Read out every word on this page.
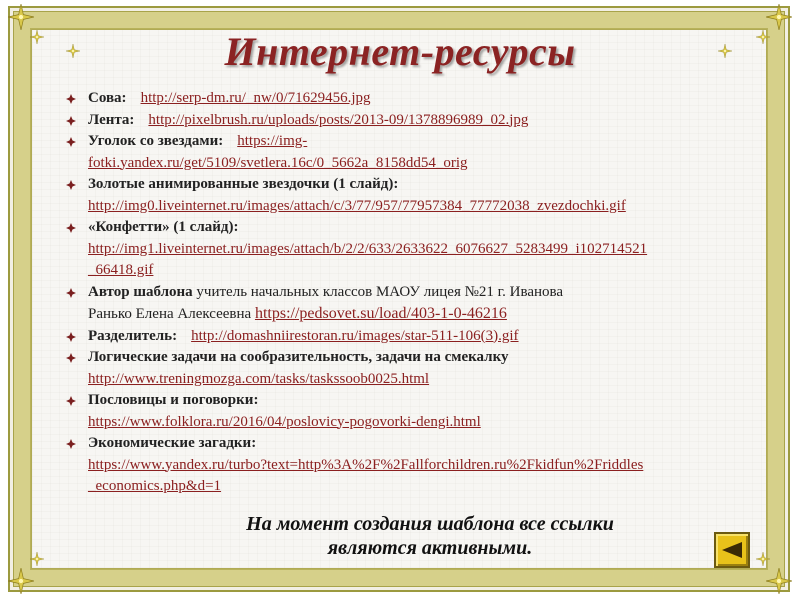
Интернет-ресурсы
Сова: http://serp-dm.ru/_nw/0/71629456.jpg
Лента: http://pixelbrush.ru/uploads/posts/2013-09/1378896989_02.jpg
Уголок со звездами: https://img-
fotki.yandex.ru/get/5109/svetlera.16c/0_5662a_8158dd54_orig
Золотые анимированные звездочки (1 слайд):
http://img0.liveinternet.ru/images/attach/c/3/77/957/77957384_77772038_zvezdochki.gif
«Конфетти» (1 слайд):
http://img1.liveinternet.ru/images/attach/b/2/2/633/2633622_6076627_5283499_i102714521
_66418.gif
Автор шаблона учитель начальных классов МАОУ лицея №21 г. Иванова
Ранько Елена Алексеевна https://pedsovet.su/load/403-1-0-46216
Разделитель: http://domashniirestoran.ru/images/star-511-106(3).gif
Логические задачи на сообразительность, задачи на смекалку
http://www.treningmozga.com/tasks/taskssoob0025.html
Пословицы и поговорки:
https://www.folklora.ru/2016/04/poslovicy-pogovorki-dengi.html
Экономические загадки:
https://www.yandex.ru/turbo?text=http%3A%2F%2Fallforchildren.ru%2Fkidfun%2Friddles
_economics.php&d=1
На момент создания шаблона все ссылки
являются активными.
